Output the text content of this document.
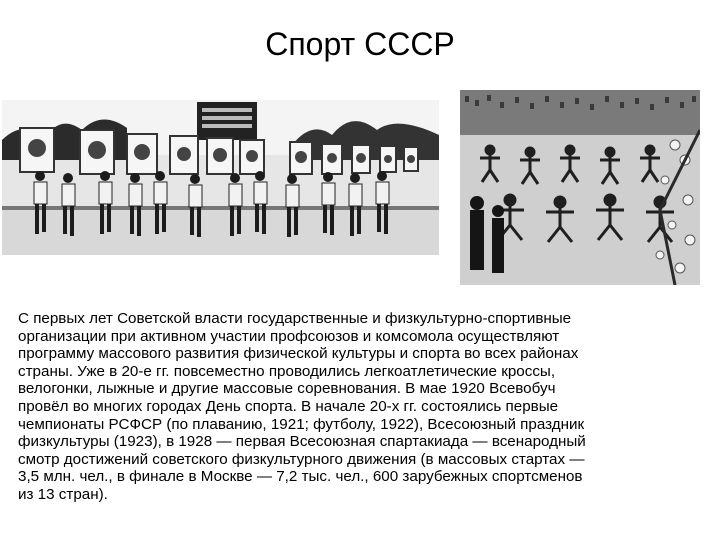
Спорт СССР

С первых лет Советской власти государственные и физкультурно-спортивные
организации при активном участии профсоюзов и комсомола осуществляют
программу массового развития физической культуры и спорта во всех районах
страны. Уже в 20-е гг. повсеместно проводились легкоатлетические кроссы,
велогонки, лыжные и другие массовые соревнования. В мае 1920 Всевобуч
провёл во многих городах День спорта. В начале 20-х гг. состоялись первые
чемпионаты РСФСР (по плаванию, 1921; футболу, 1922), Всесоюзный праздник
физкультуры (1923), в 1928 — первая Всесоюзная спартакиада — всенародный
смотр достижений советского физкультурного движения (в массовых стартах —
3,5 млн. чел., в финале в Москве — 7,2 тыс. чел., 600 зарубежных спортсменов
из 13 стран).
